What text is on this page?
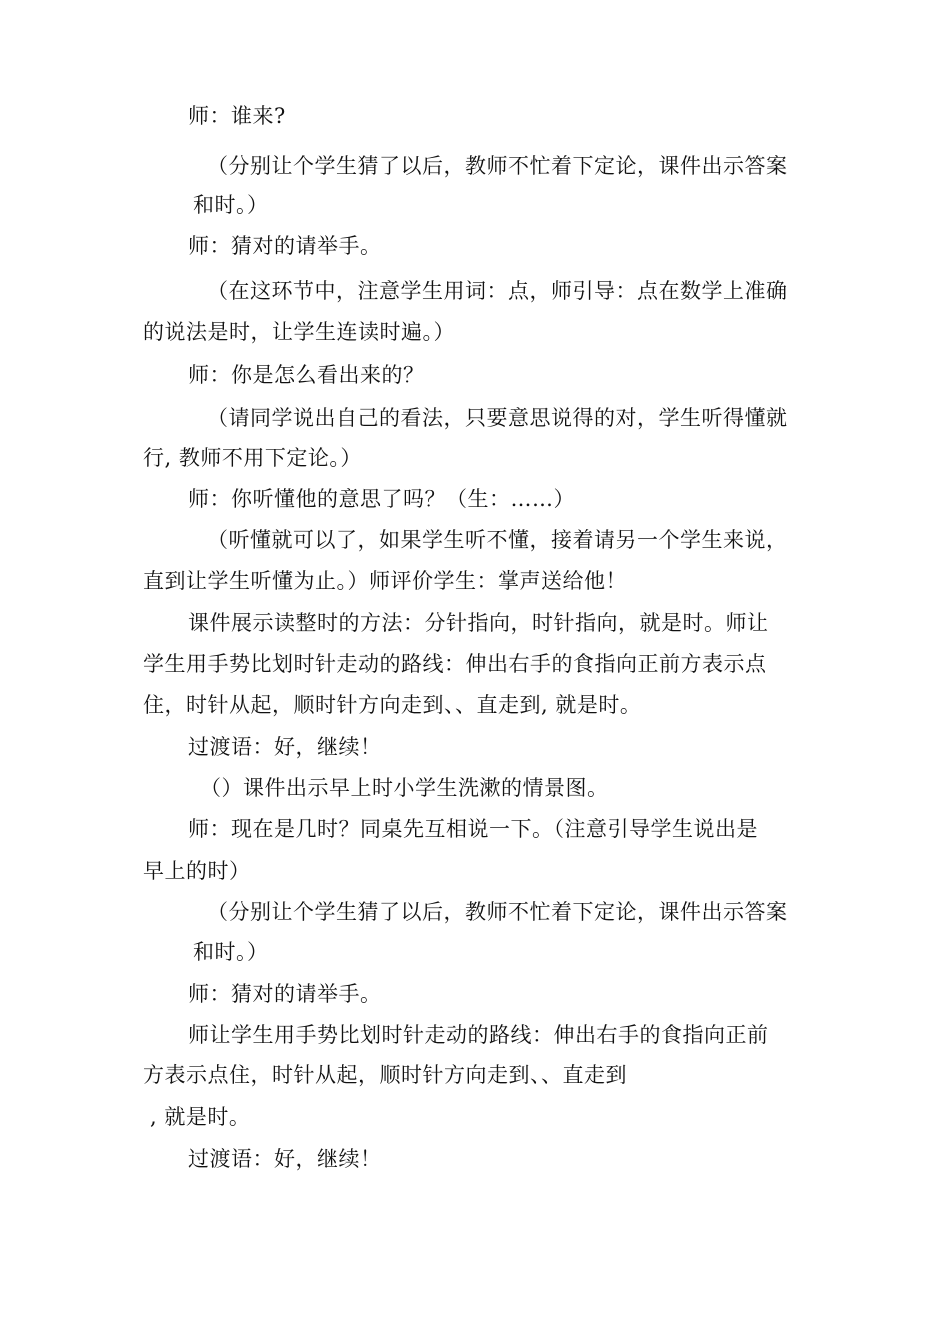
师：谁来?
（分别让个学生猜了以后，教师不忙着下定论，课件出示答案
和时。）
师：猜对的请举手。
（在这环节中，注意学生用词：点，师引导：点在数学上准确
的说法是时，让学生连读时遍。）
师：你是怎么看出来的？
（请同学说出自己的看法，只要意思说得的对，学生听得懂就
行, 教师不用下定论。）
师：你听懂他的意思了吗？（生：……）
（听懂就可以了，如果学生听不懂，接着请另一个学生来说，
直到让学生听懂为止。）师评价学生：掌声送给他！
课件展示读整时的方法：分针指向，时针指向，就是时。师让
学生用手势比划时针走动的路线：伸出右手的食指向正前方表示点
住，时针从起，顺时针方向走到、、直走到, 就是时。
过渡语：好，继续！
（）课件出示早上时小学生洗漱的情景图。
师：现在是几时？同桌先互相说一下。（注意引导学生说出是
早上的时）
（分别让个学生猜了以后，教师不忙着下定论，课件出示答案
和时。）
师：猜对的请举手。
师让学生用手势比划时针走动的路线：伸出右手的食指向正前
方表示点住，时针从起，顺时针方向走到、、直走到
, 就是时。
过渡语：好，继续！
